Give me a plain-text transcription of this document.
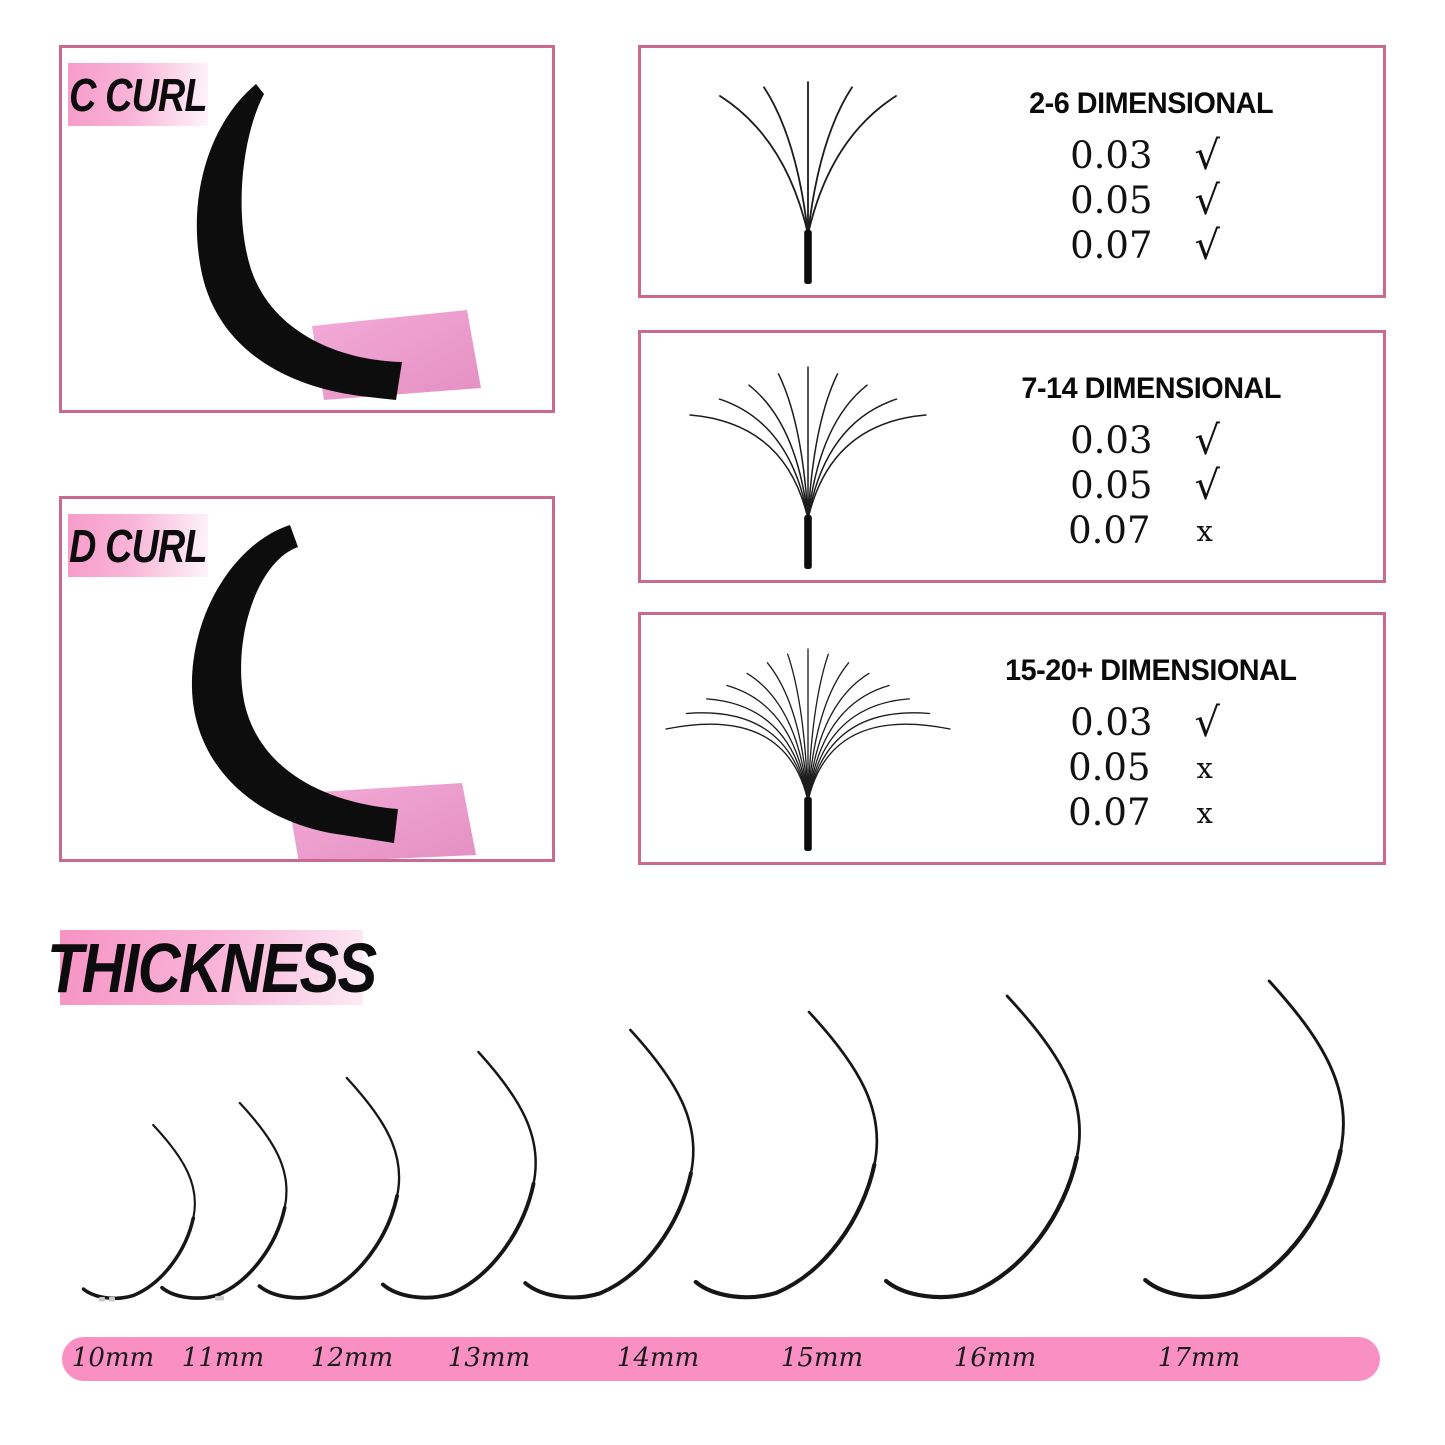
C CURL
D CURL
2-6 DIMENSIONAL
0.03 √
0.05 √
0.07 √
7-14 DIMENSIONAL
0.03 √
0.05 √
0.07 x
15-20+ DIMENSIONAL
0.03 √
0.05 x
0.07 x
THICKNESS
10mm 11mm 12mm 13mm	14mm	15mm	16mm	17mm
